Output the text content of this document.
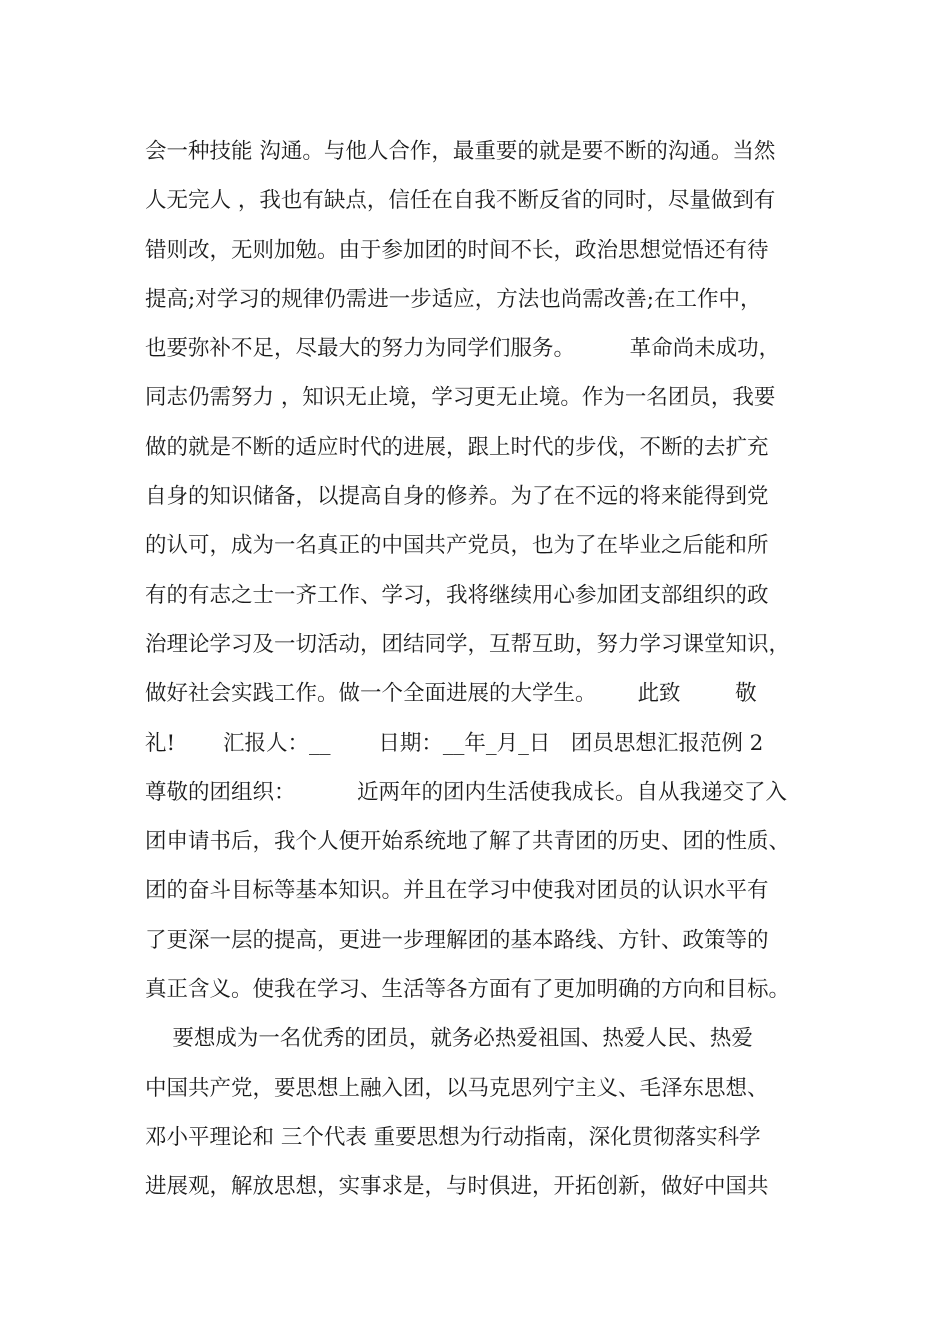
会一种技能 沟通。与他人合作，最重要的就是要不断的沟通。当然
人无完人 ，我也有缺点，信任在自我不断反省的同时，尽量做到有
错则改，无则加勉。由于参加团的时间不长，政治思想觉悟还有待
提高;对学习的规律仍需进一步适应，方法也尚需改善;在工作中，
也要弥补不足，尽最大的努力为同学们服务。        革命尚未成功，
同志仍需努力 ，知识无止境，学习更无止境。作为一名团员，我要
做的就是不断的适应时代的进展，跟上时代的步伐，不断的去扩充
自身的知识储备，以提高自身的修养。为了在不远的将来能得到党
的认可，成为一名真正的中国共产党员，也为了在毕业之后能和所
有的有志之士一齐工作、学习，我将继续用心参加团支部组织的政
治理论学习及一切活动，团结同学，互帮互助，努力学习课堂知识，
做好社会实践工作。做一个全面进展的大学生。      此致        敬
礼!       汇报人：__       日期：__年_月_日   团员思想汇报范例 2
尊敬的团组织：         近两年的团内生活使我成长。自从我递交了入
团申请书后，我个人便开始系统地了解了共青团的历史、团的性质、
团的奋斗目标等基本知识。并且在学习中使我对团员的认识水平有
了更深一层的提高，更进一步理解团的基本路线、方针、政策等的
真正含义。使我在学习、生活等各方面有了更加明确的方向和目标。
要想成为一名优秀的团员，就务必热爱祖国、热爱人民、热爱
中国共产党，要思想上融入团，以马克思列宁主义、毛泽东思想、
邓小平理论和 三个代表 重要思想为行动指南，深化贯彻落实科学
进展观，解放思想，实事求是，与时俱进，开拓创新，做好中国共
